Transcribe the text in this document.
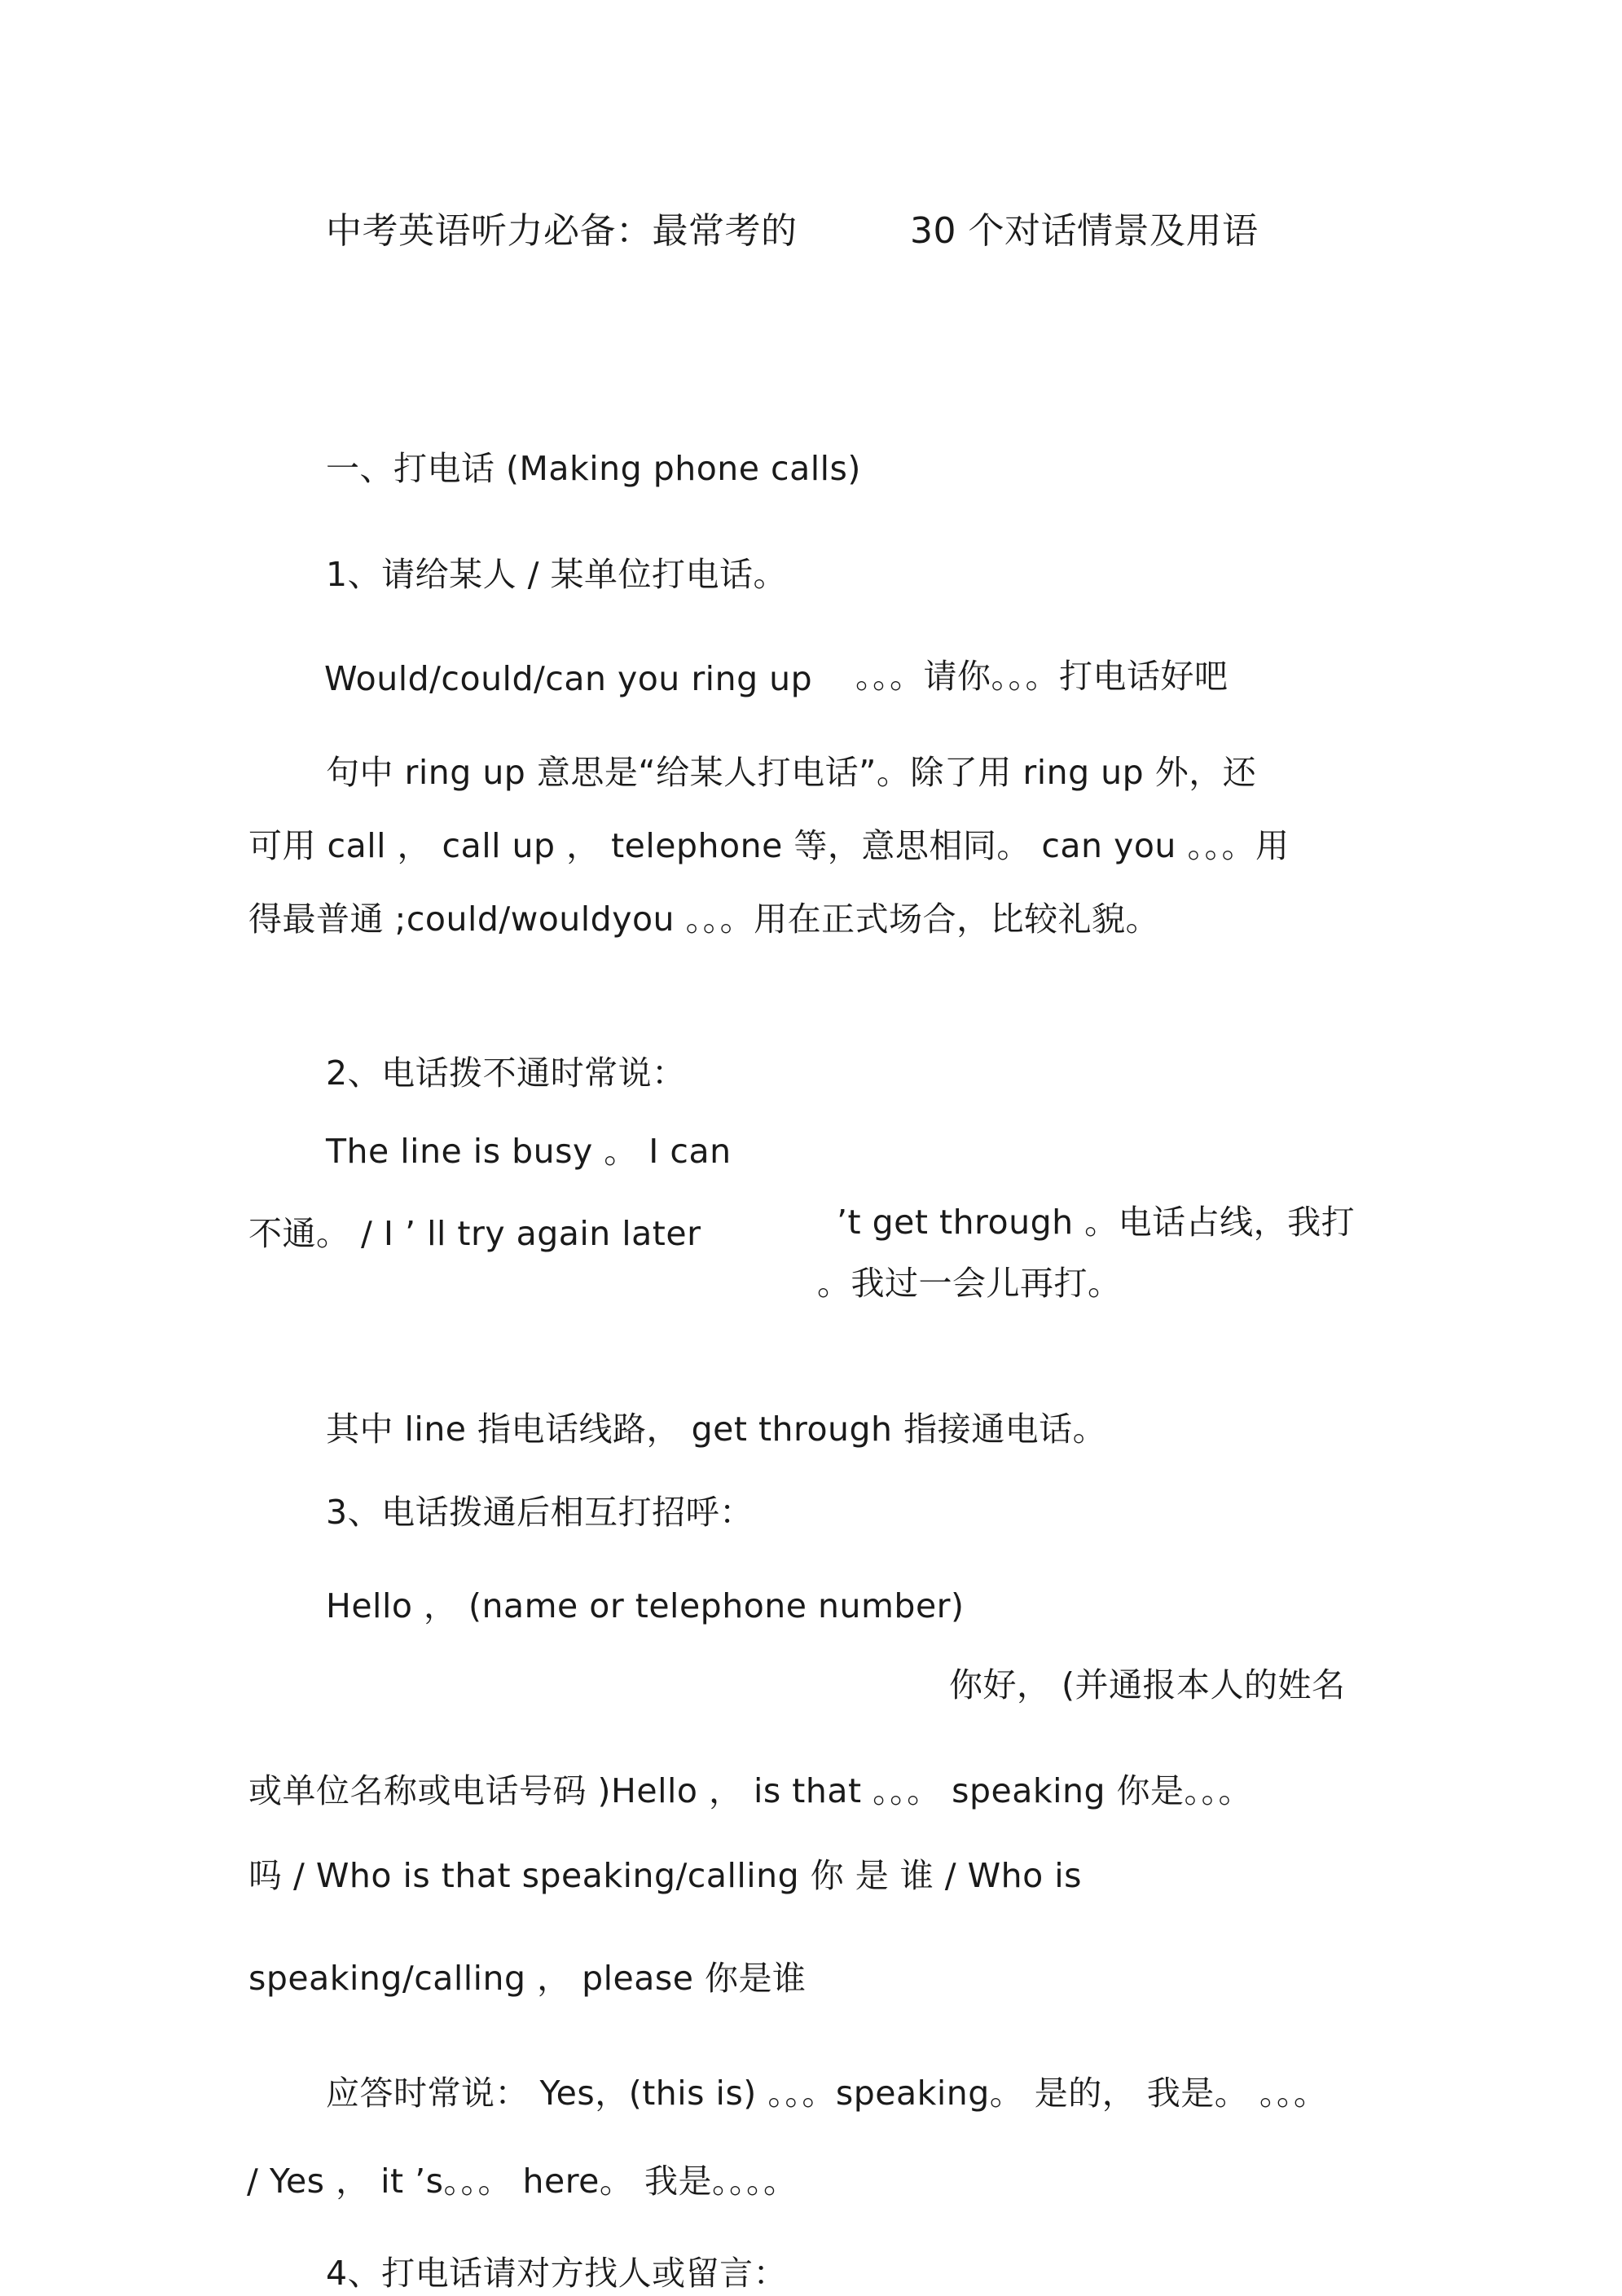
中考英语听力必备：最常考的	30 个对话情景及用语
一、打电话 (Making phone calls)
1、请给某人 / 某单位打电话。
Would/could/can you ring up 。。。请你。。。打电话好吧
句中 ring up 意思是“给某人打电话”。除了用 ring up 外，还
可用 call ， call up ， telephone 等，意思相同。 can you 。。。用
得最普通 ;could/wouldyou 。。。用在正式场合，比较礼貌。
2、电话拨不通时常说：
The line is busy 。 I can
’t get through 。电话占线，我打
不通。 / I ’ ll try again later
。我过一会儿再打。
其中 line 指电话线路， get through 指接通电话。
3、电话拨通后相互打招呼：
Hello ， (name or telephone number)
你好， (并通报本人的姓名
或单位名称或电话号码 )Hello ， is that 。。。 speaking 你是。。。
吗 / Who is that speaking/calling 你 是 谁 / Who is
speaking/calling ， please 你是谁
应答时常说： Yes，(this is) 。。。speaking。 是的， 我是。 。。。
/ Yes ， it ’s。。。 here。 我是。。。。
4、打电话请对方找人或留言：
